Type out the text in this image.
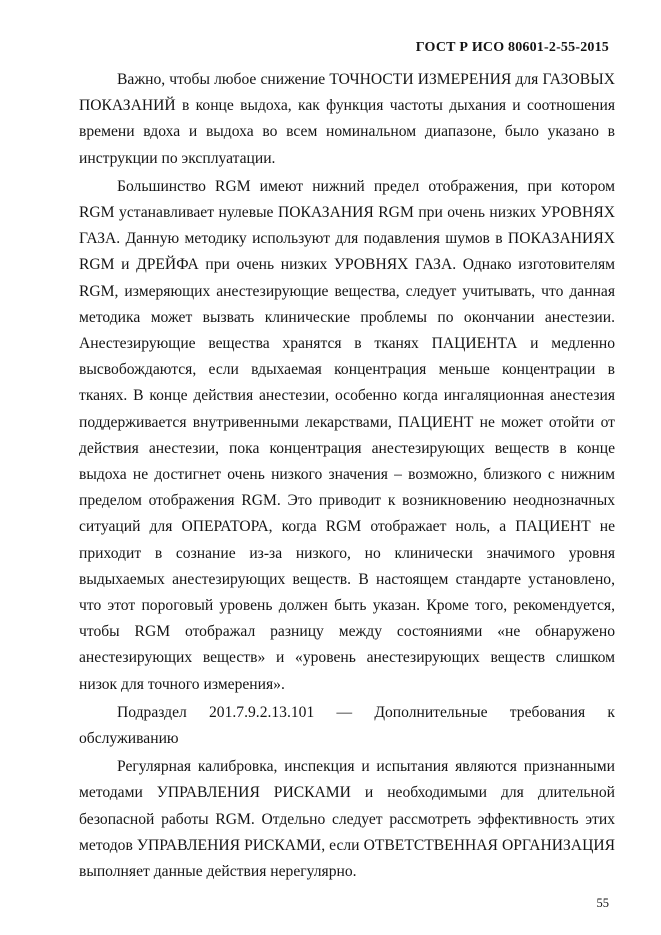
ГОСТ Р ИСО 80601-2-55-2015

Важно, чтобы любое снижение ТОЧНОСТИ ИЗМЕРЕНИЯ для ГАЗОВЫХ ПОКАЗАНИЙ в конце выдоха, как функция частоты дыхания и соотношения времени вдоха и выдоха во всем номинальном диапазоне, было указано в инструкции по эксплуатации.

Большинство RGM имеют нижний предел отображения, при котором RGM устанавливает нулевые ПОКАЗАНИЯ RGM при очень низких УРОВНЯХ ГАЗА. Данную методику используют для подавления шумов в ПОКАЗАНИЯХ RGM и ДРЕЙФА при очень низких УРОВНЯХ ГАЗА. Однако изготовителям RGM, измеряющих анестезирующие вещества, следует учитывать, что данная методика может вызвать клинические проблемы по окончании анестезии. Анестезирующие вещества хранятся в тканях ПАЦИЕНТА и медленно высвобождаются, если вдыхаемая концентрация меньше концентрации в тканях. В конце действия анестезии, особенно когда ингаляционная анестезия поддерживается внутривенными лекарствами, ПАЦИЕНТ не может отойти от действия анестезии, пока концентрация анестезирующих веществ в конце выдоха не достигнет очень низкого значения – возможно, близкого с нижним пределом отображения RGM. Это приводит к возникновению неоднозначных ситуаций для ОПЕРАТОРА, когда RGM отображает ноль, а ПАЦИЕНТ не приходит в сознание из-за низкого, но клинически значимого уровня выдыхаемых анестезирующих веществ. В настоящем стандарте установлено, что этот пороговый уровень должен быть указан. Кроме того, рекомендуется, чтобы RGM отображал разницу между состояниями «не обнаружено анестезирующих веществ» и «уровень анестезирующих веществ слишком низок для точного измерения».

Подраздел 201.7.9.2.13.101 — Дополнительные требования к обслуживанию

Регулярная калибровка, инспекция и испытания являются признанными методами УПРАВЛЕНИЯ РИСКАМИ и необходимыми для длительной безопасной работы RGM. Отдельно следует рассмотреть эффективность этих методов УПРАВЛЕНИЯ РИСКАМИ, если ОТВЕТСТВЕННАЯ ОРГАНИЗАЦИЯ выполняет данные действия нерегулярно.

55
